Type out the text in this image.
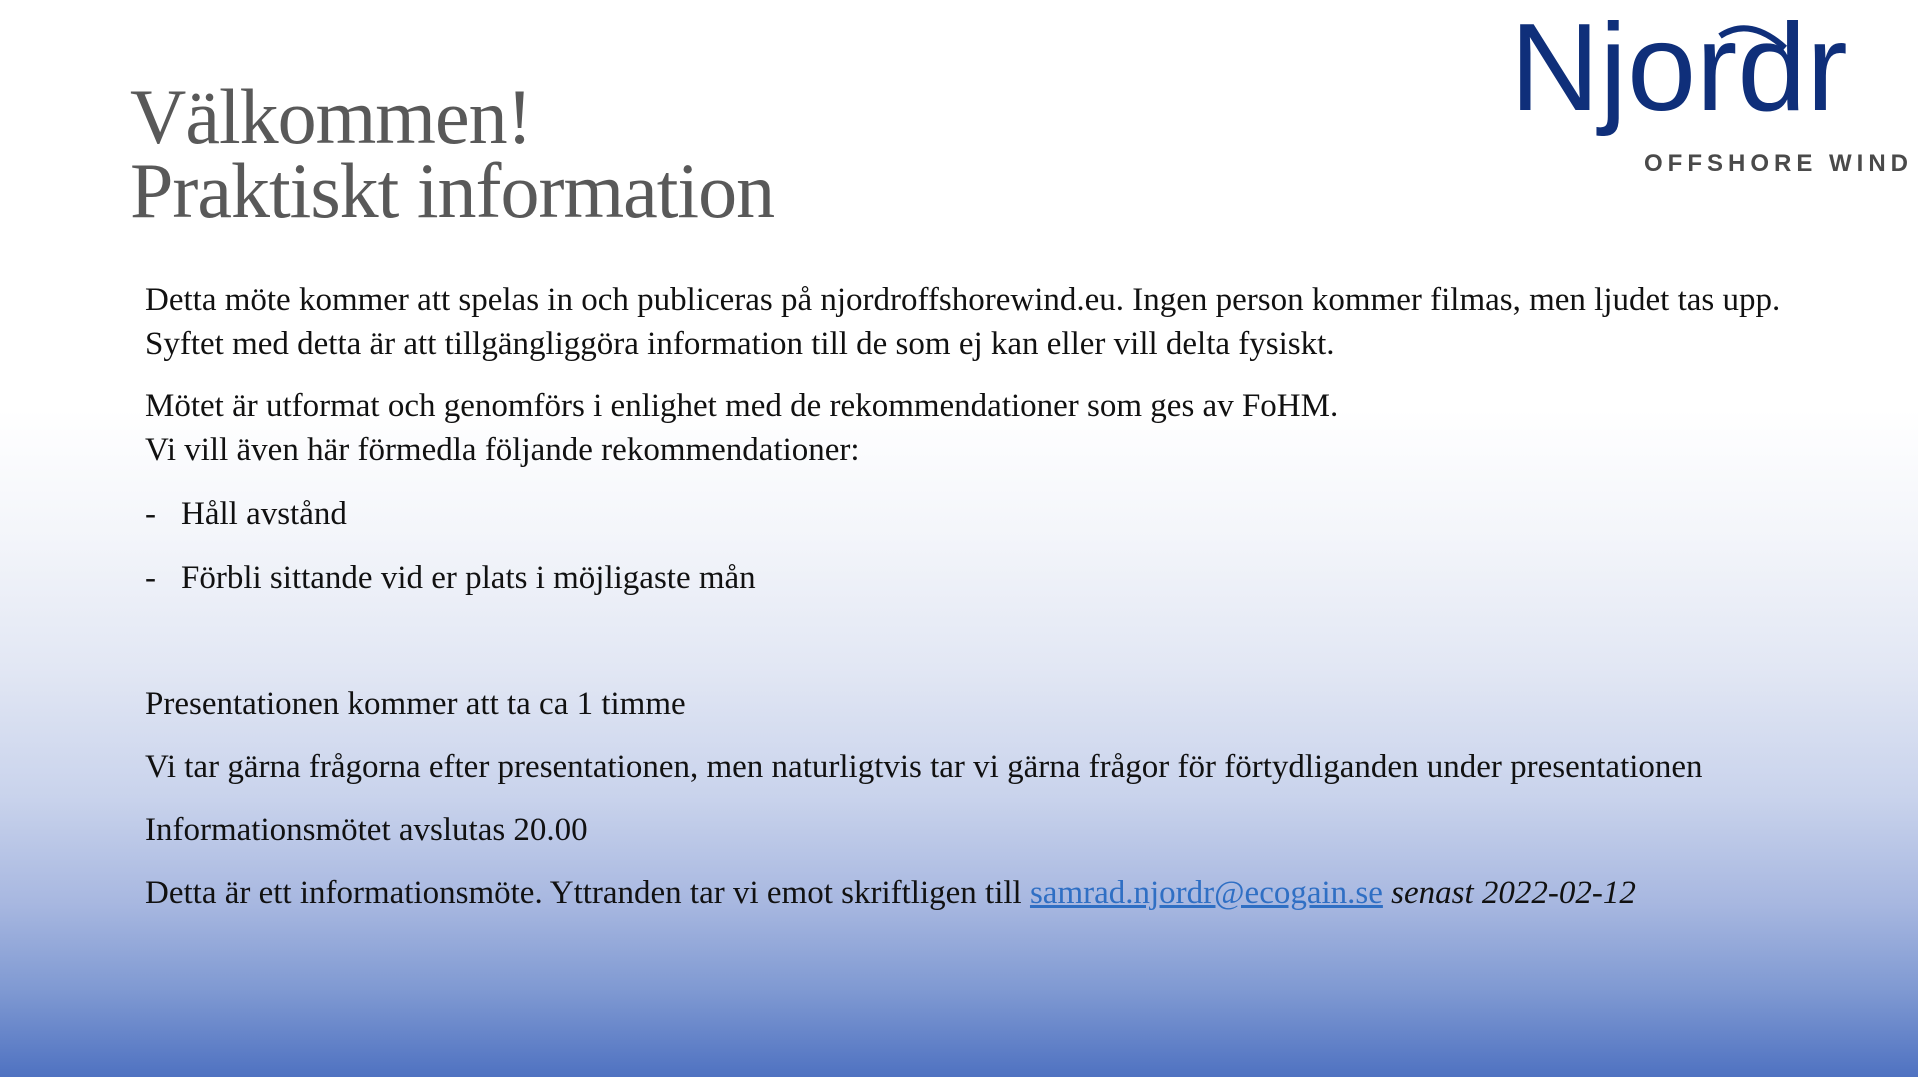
Välkommen!
Praktiskt information
Njordr
OFFSHORE WIND

Detta möte kommer att spelas in och publiceras på njordroffshorewind.eu. Ingen person kommer filmas, men ljudet tas upp. Syftet med detta är att tillgängliggöra information till de som ej kan eller vill delta fysiskt.

Mötet är utformat och genomförs i enlighet med de rekommendationer som ges av FoHM.
Vi vill även här förmedla följande rekommendationer:

- Håll avstånd
- Förbli sittande vid er plats i möjligaste mån

Presentationen kommer att ta ca 1 timme

Vi tar gärna frågorna efter presentationen, men naturligtvis tar vi gärna frågor för förtydliganden under presentationen

Informationsmötet avslutas 20.00

Detta är ett informationsmöte. Yttranden tar vi emot skriftligen till samrad.njordr@ecogain.se senast 2022-02-12
